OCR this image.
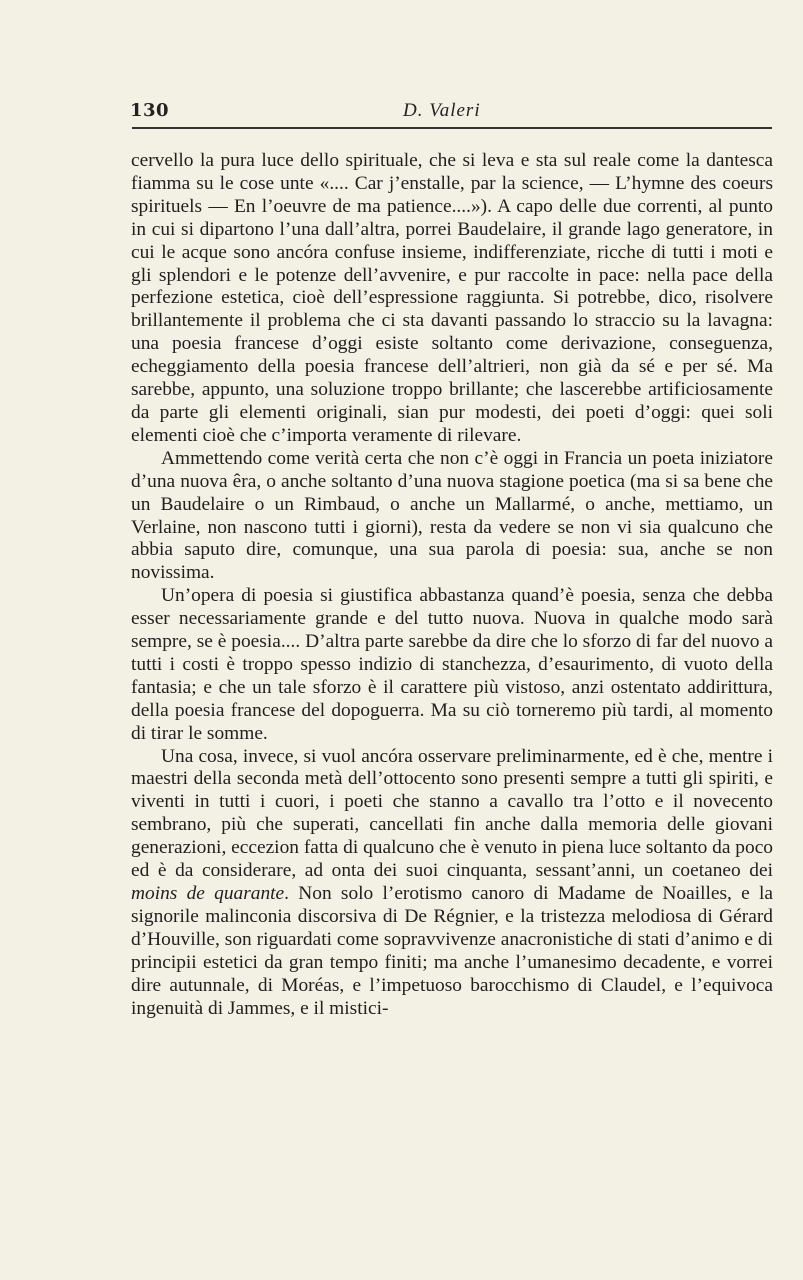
130	D. Valeri

cervello la pura luce dello spirituale, che si leva e sta sul reale come la dantesca fiamma su le cose unte «.... Car j’enstalle, par la science, — L’hymne des coeurs spirituels — En l’oeuvre de ma patience....»). A capo delle due correnti, al punto in cui si dipartono l’una dall’altra, porrei Baudelaire, il grande lago generatore, in cui le acque sono ancóra confuse insieme, indifferenziate, ricche di tutti i moti e gli splendori e le potenze dell’avvenire, e pur raccolte in pace: nella pace della perfezione estetica, cioè dell’espressione raggiunta. Si potrebbe, dico, risolvere brillantemente il problema che ci sta davanti passando lo straccio su la lavagna: una poesia francese d’oggi esiste soltanto come derivazione, conseguenza, echeggiamento della poesia francese dell’altrieri, non già da sé e per sé. Ma sarebbe, appunto, una soluzione troppo brillante; che lascerebbe artificiosamente da parte gli elementi originali, sian pur modesti, dei poeti d’oggi: quei soli elementi cioè che c’importa veramente di rilevare.

Ammettendo come verità certa che non c’è oggi in Francia un poeta iniziatore d’una nuova êra, o anche soltanto d’una nuova stagione poetica (ma si sa bene che un Baudelaire o un Rimbaud, o anche un Mallarmé, o anche, mettiamo, un Verlaine, non nascono tutti i giorni), resta da vedere se non vi sia qualcuno che abbia saputo dire, comunque, una sua parola di poesia: sua, anche se non novissima.

Un’opera di poesia si giustifica abbastanza quand’è poesia, senza che debba esser necessariamente grande e del tutto nuova. Nuova in qualche modo sarà sempre, se è poesia.... D’altra parte sarebbe da dire che lo sforzo di far del nuovo a tutti i costi è troppo spesso indizio di stanchezza, d’esaurimento, di vuoto della fantasia; e che un tale sforzo è il carattere più vistoso, anzi ostentato addirittura, della poesia francese del dopoguerra. Ma su ciò torneremo più tardi, al momento di tirar le somme.

Una cosa, invece, si vuol ancóra osservare preliminarmente, ed è che, mentre i maestri della seconda metà dell’ottocento sono presenti sempre a tutti gli spiriti, e viventi in tutti i cuori, i poeti che stanno a cavallo tra l’otto e il novecento sembrano, più che superati, cancellati fin anche dalla memoria delle giovani generazioni, eccezion fatta di qualcuno che è venuto in piena luce soltanto da poco ed è da considerare, ad onta dei suoi cinquanta, sessant’anni, un coetaneo dei moins de quarante. Non solo l’erotismo canoro di Madame de Noailles, e la signorile malinconia discorsiva di De Régnier, e la tristezza melodiosa di Gérard d’Houville, son riguardati come sopravvivenze anacronistiche di stati d’animo e di principii estetici da gran tempo finiti; ma anche l’umanesimo decadente, e vorrei dire autunnale, di Moréas, e l’impetuoso barocchismo di Claudel, e l’equivoca ingenuità di Jammes, e il mistici-
